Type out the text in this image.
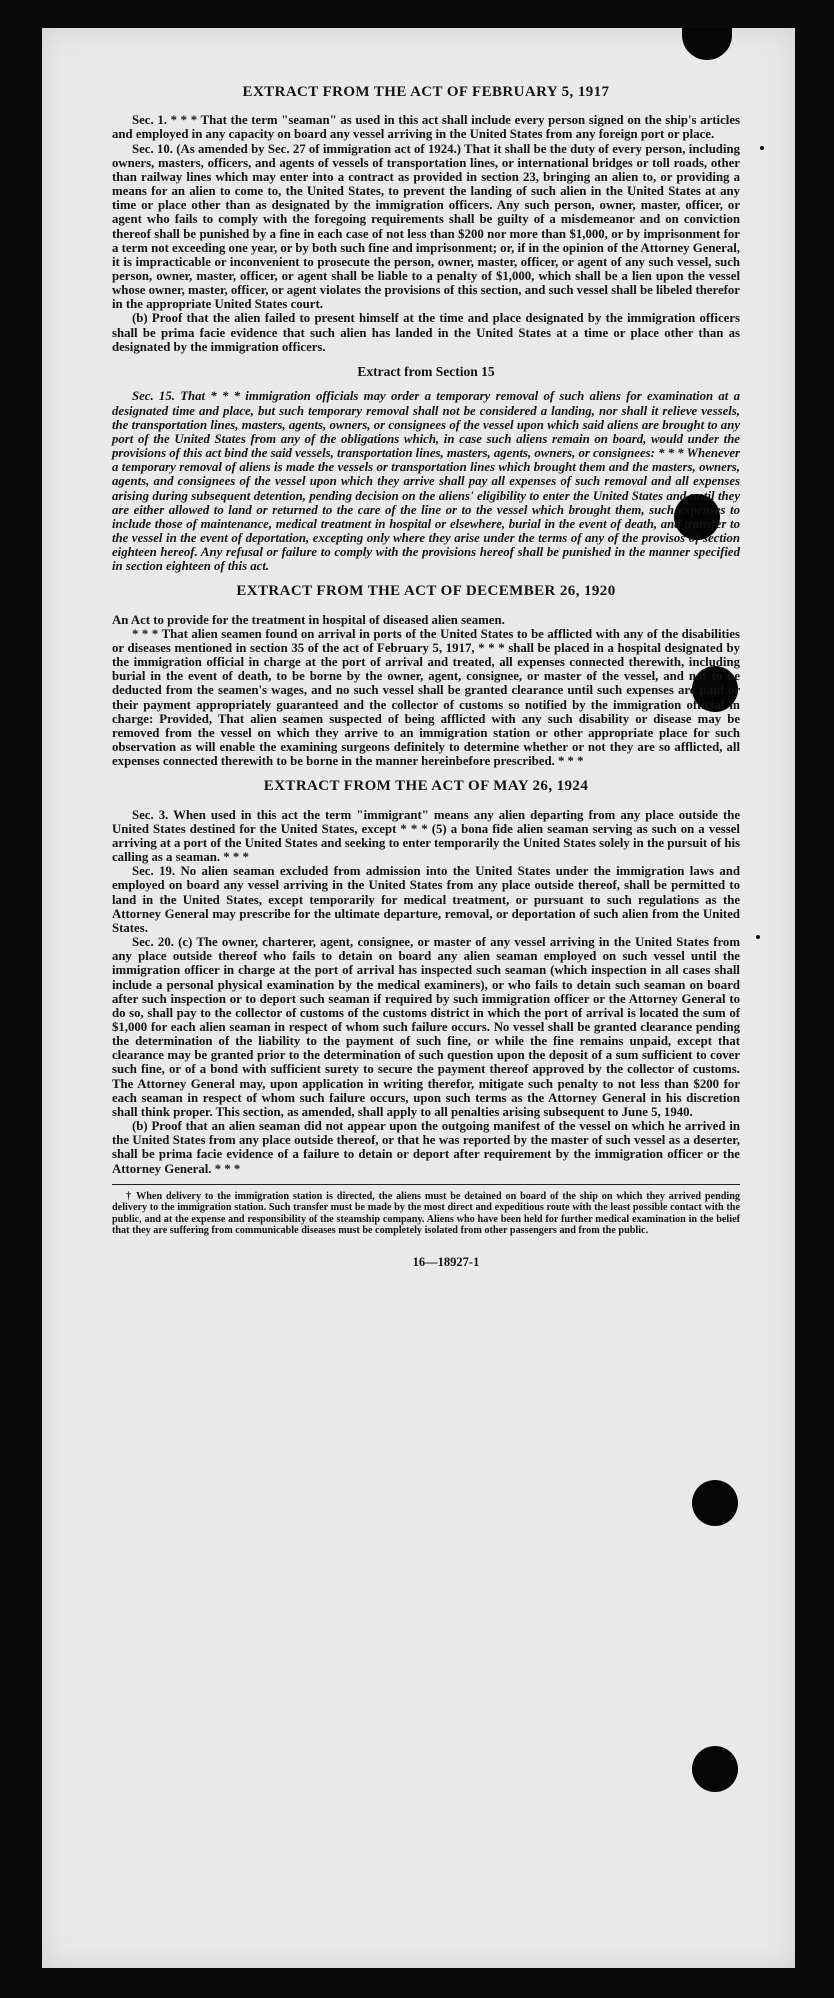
EXTRACT FROM THE ACT OF FEBRUARY 5, 1917

Sec. 1. * * * That the term "seaman" as used in this act shall include every person signed on the ship's articles and employed in any capacity on board any vessel arriving in the United States from any foreign port or place.

Sec. 10. (As amended by Sec. 27 of immigration act of 1924.) That it shall be the duty of every person, including owners, masters, officers, and agents of vessels of transportation lines, or international bridges or toll roads, other than railway lines which may enter into a contract as provided in section 23, bringing an alien to, or providing a means for an alien to come to, the United States, to prevent the landing of such alien in the United States at any time or place other than as designated by the immigration officers. Any such person, owner, master, officer, or agent who fails to comply with the foregoing requirements shall be guilty of a misdemeanor and on conviction thereof shall be punished by a fine in each case of not less than $200 nor more than $1,000, or by imprisonment for a term not exceeding one year, or by both such fine and imprisonment; or, if in the opinion of the Attorney General, it is impracticable or inconvenient to prosecute the person, owner, master, officer, or agent of any such vessel, such person, owner, master, officer, or agent shall be liable to a penalty of $1,000, which shall be a lien upon the vessel whose owner, master, officer, or agent violates the provisions of this section, and such vessel shall be libeled therefor in the appropriate United States court.

(b) Proof that the alien failed to present himself at the time and place designated by the immigration officers shall be prima facie evidence that such alien has landed in the United States at a time or place other than as designated by the immigration officers.

Extract from Section 15

Sec. 15. That * * * immigration officials may order a temporary removal of such aliens for examination at a designated time and place, but such temporary removal shall not be considered a landing, nor shall it relieve vessels, the transportation lines, masters, agents, owners, or consignees of the vessel upon which said aliens are brought to any port of the United States from any of the obligations which, in case such aliens remain on board, would under the provisions of this act bind the said vessels, transportation lines, masters, agents, owners, or consignees: * * * Whenever a temporary removal of aliens is made the vessels or transportation lines which brought them and the masters, owners, agents, and consignees of the vessel upon which they arrive shall pay all expenses of such removal and all expenses arising during subsequent detention, pending decision on the aliens' eligibility to enter the United States and until they are either allowed to land or returned to the care of the line or to the vessel which brought them, such expenses to include those of maintenance, medical treatment in hospital or elsewhere, burial in the event of death, and transfer to the vessel in the event of deportation, excepting only where they arise under the terms of any of the provisos of section eighteen hereof. Any refusal or failure to comply with the provisions hereof shall be punished in the manner specified in section eighteen of this act.

EXTRACT FROM THE ACT OF DECEMBER 26, 1920

An Act to provide for the treatment in hospital of diseased alien seamen.

* * * That alien seamen found on arrival in ports of the United States to be afflicted with any of the disabilities or diseases mentioned in section 35 of the act of February 5, 1917, * * * shall be placed in a hospital designated by the immigration official in charge at the port of arrival and treated, all expenses connected therewith, including burial in the event of death, to be borne by the owner, agent, consignee, or master of the vessel, and not to be deducted from the seamen's wages, and no such vessel shall be granted clearance until such expenses are paid or their payment appropriately guaranteed and the collector of customs so notified by the immigration official in charge: Provided, That alien seamen suspected of being afflicted with any such disability or disease may be removed from the vessel on which they arrive to an immigration station or other appropriate place for such observation as will enable the examining surgeons definitely to determine whether or not they are so afflicted, all expenses connected therewith to be borne in the manner hereinbefore prescribed. * * *

EXTRACT FROM THE ACT OF MAY 26, 1924

Sec. 3. When used in this act the term "immigrant" means any alien departing from any place outside the United States destined for the United States, except * * * (5) a bona fide alien seaman serving as such on a vessel arriving at a port of the United States and seeking to enter temporarily the United States solely in the pursuit of his calling as a seaman. * * *

Sec. 19. No alien seaman excluded from admission into the United States under the immigration laws and employed on board any vessel arriving in the United States from any place outside thereof, shall be permitted to land in the United States, except temporarily for medical treatment, or pursuant to such regulations as the Attorney General may prescribe for the ultimate departure, removal, or deportation of such alien from the United States.

Sec. 20. (c) The owner, charterer, agent, consignee, or master of any vessel arriving in the United States from any place outside thereof who fails to detain on board any alien seaman employed on such vessel until the immigration officer in charge at the port of arrival has inspected such seaman (which inspection in all cases shall include a personal physical examination by the medical examiners), or who fails to detain such seaman on board after such inspection or to deport such seaman if required by such immigration officer or the Attorney General to do so, shall pay to the collector of customs of the customs district in which the port of arrival is located the sum of $1,000 for each alien seaman in respect of whom such failure occurs. No vessel shall be granted clearance pending the determination of the liability to the payment of such fine, or while the fine remains unpaid, except that clearance may be granted prior to the determination of such question upon the deposit of a sum sufficient to cover such fine, or of a bond with sufficient surety to secure the payment thereof approved by the collector of customs. The Attorney General may, upon application in writing therefor, mitigate such penalty to not less than $200 for each seaman in respect of whom such failure occurs, upon such terms as the Attorney General in his discretion shall think proper. This section, as amended, shall apply to all penalties arising subsequent to June 5, 1940.

(b) Proof that an alien seaman did not appear upon the outgoing manifest of the vessel on which he arrived in the United States from any place outside thereof, or that he was reported by the master of such vessel as a deserter, shall be prima facie evidence of a failure to detain or deport after requirement by the immigration officer or the Attorney General. * * *

† When delivery to the immigration station is directed, the aliens must be detained on board of the ship on which they arrived pending delivery to the immigration station. Such transfer must be made by the most direct and expeditious route with the least possible contact with the public, and at the expense and responsibility of the steamship company. Aliens who have been held for further medical examination in the belief that they are suffering from communicable diseases must be completely isolated from other passengers and from the public.

16—18927-1
